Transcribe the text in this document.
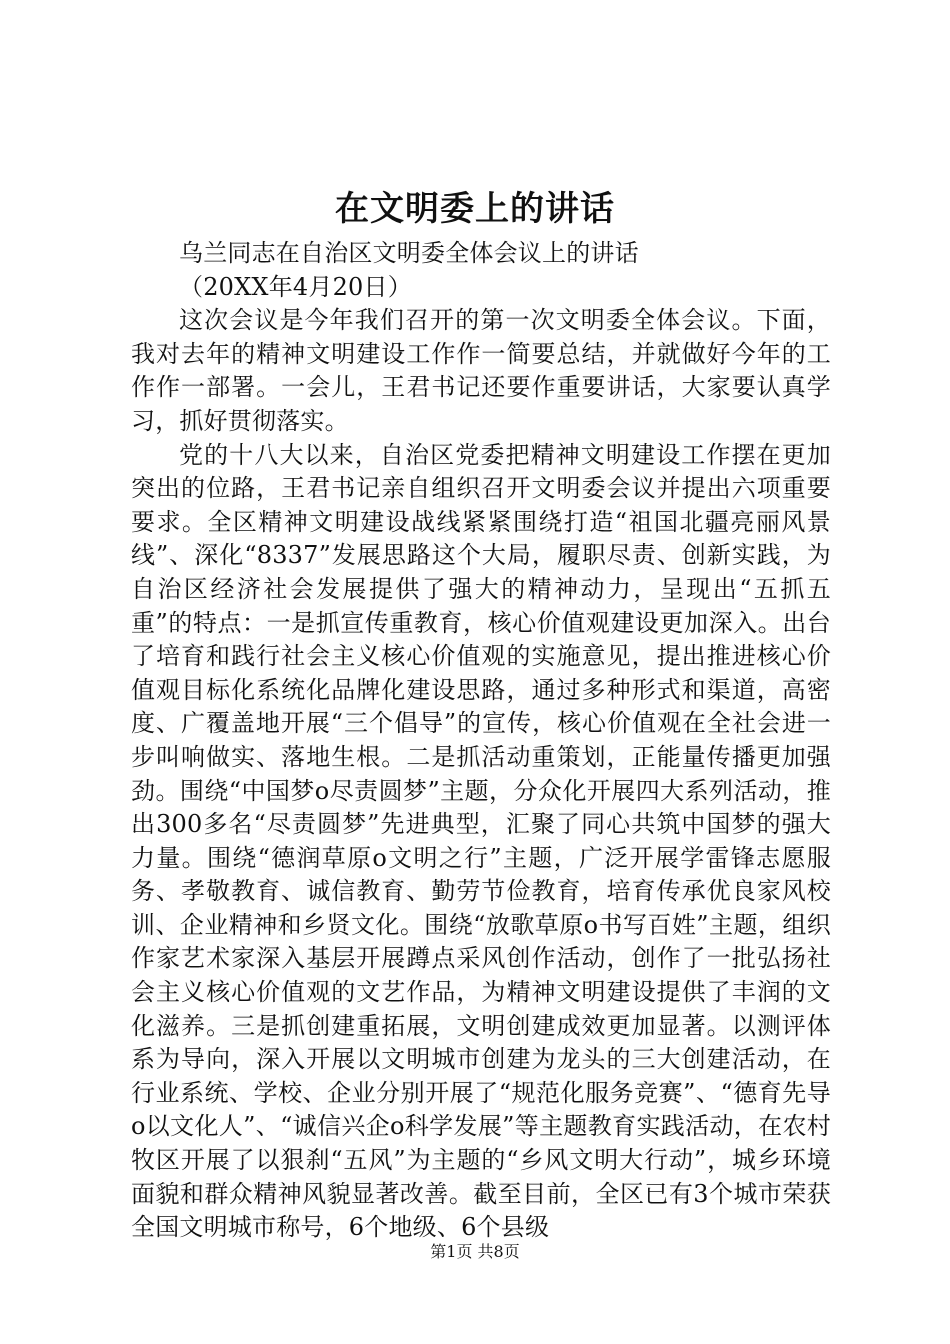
在文明委上的讲话

乌兰同志在自治区文明委全体会议上的讲话

（20XX年4月20日）

这次会议是今年我们召开的第一次文明委全体会议。下面，我对去年的精神文明建设工作作一简要总结，并就做好今年的工作作一部署。一会儿，王君书记还要作重要讲话，大家要认真学习，抓好贯彻落实。

党的十八大以来，自治区党委把精神文明建设工作摆在更加突出的位路，王君书记亲自组织召开文明委会议并提出六项重要要求。全区精神文明建设战线紧紧围绕打造“祖国北疆亮丽风景线”、深化“8337”发展思路这个大局，履职尽责、创新实践，为自治区经济社会发展提供了强大的精神动力，呈现出“五抓五重”的特点：一是抓宣传重教育，核心价值观建设更加深入。出台了培育和践行社会主义核心价值观的实施意见，提出推进核心价值观目标化系统化品牌化建设思路，通过多种形式和渠道，高密度、广覆盖地开展“三个倡导”的宣传，核心价值观在全社会进一步叫响做实、落地生根。二是抓活动重策划，正能量传播更加强劲。围绕“中国梦ο尽责圆梦”主题，分众化开展四大系列活动，推出300多名“尽责圆梦”先进典型，汇聚了同心共筑中国梦的强大力量。围绕“德润草原ο文明之行”主题，广泛开展学雷锋志愿服务、孝敬教育、诚信教育、勤劳节俭教育，培育传承优良家风校训、企业精神和乡贤文化。围绕“放歌草原ο书写百姓”主题，组织作家艺术家深入基层开展蹲点采风创作活动，创作了一批弘扬社会主义核心价值观的文艺作品，为精神文明建设提供了丰润的文化滋养。三是抓创建重拓展，文明创建成效更加显著。以测评体系为导向，深入开展以文明城市创建为龙头的三大创建活动，在行业系统、学校、企业分别开展了“规范化服务竞赛”、“德育先导ο以文化人”、“诚信兴企ο科学发展”等主题教育实践活动，在农村牧区开展了以狠刹“五风”为主题的“乡风文明大行动”，城乡环境面貌和群众精神风貌显著改善。截至目前，全区已有3个城市荣获全国文明城市称号，6个地级、6个县级

第1页 共8页
